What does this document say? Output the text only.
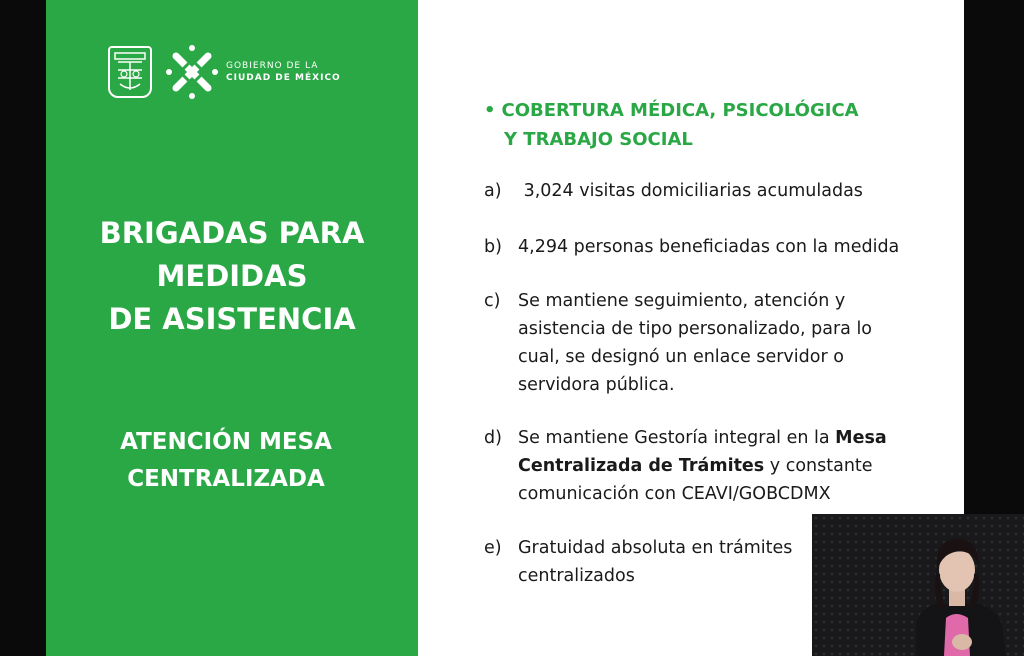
GOBIERNO DE LA
CIUDAD DE MÉXICO
BRIGADAS PARA
MEDIDAS
DE ASISTENCIA
ATENCIÓN MESA
CENTRALIZADA
• COBERTURA MÉDICA, PSICOLÓGICA
Y TRABAJO SOCIAL
a) 3,024 visitas domiciliarias acumuladas
b) 4,294 personas beneficiadas con la medida
c) Se mantiene seguimiento, atención y
asistencia de tipo personalizado, para lo
cual, se designó un enlace servidor o
servidora pública.
d) Se mantiene Gestoría integral en la Mesa
Centralizada de Trámites y constante
comunicación con CEAVI/GOBCDMX
e) Gratuidad absoluta en trámites
centralizados
